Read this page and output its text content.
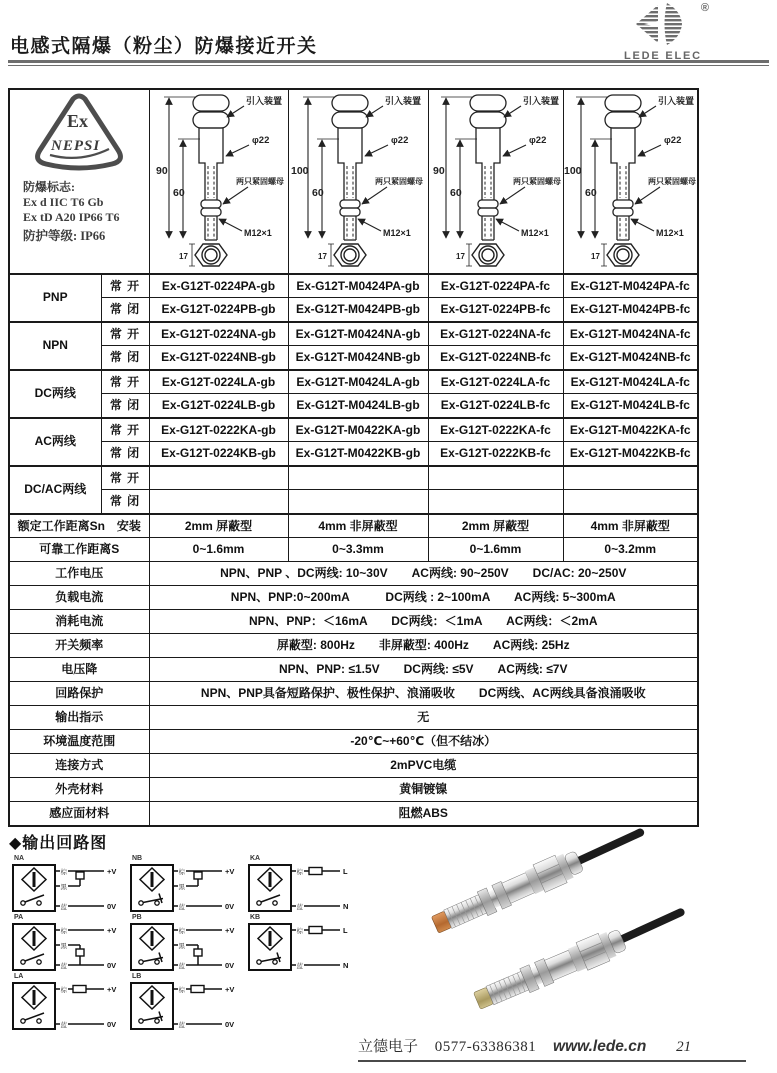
电感式隔爆（粉尘）防爆接近开关
®
LEDE ELEC
Ex
NEPSI
防爆标志:
Ex d IIC T6 Gb
Ex tD A20 IP66 T6
防护等级: IP66

90
60
引入装置
φ22
两只紧固螺母
M12×1
17

100
60
引入装置
φ22
两只紧固螺母
M12×1
17

90
60
引入装置
φ22
两只紧固螺母
M12×1
17

100
60
引入装置
φ22
两只紧固螺母
M12×1
17

PNP	常 开	Ex-G12T-0224PA-gb	Ex-G12T-M0424PA-gb	Ex-G12T-0224PA-fc	Ex-G12T-M0424PA-fc
	常 闭	Ex-G12T-0224PB-gb	Ex-G12T-M0424PB-gb	Ex-G12T-0224PB-fc	Ex-G12T-M0424PB-fc
NPN	常 开	Ex-G12T-0224NA-gb	Ex-G12T-M0424NA-gb	Ex-G12T-0224NA-fc	Ex-G12T-M0424NA-fc
	常 闭	Ex-G12T-0224NB-gb	Ex-G12T-M0424NB-gb	Ex-G12T-0224NB-fc	Ex-G12T-M0424NB-fc
DC两线	常 开	Ex-G12T-0224LA-gb	Ex-G12T-M0424LA-gb	Ex-G12T-0224LA-fc	Ex-G12T-M0424LA-fc
	常 闭	Ex-G12T-0224LB-gb	Ex-G12T-M0424LB-gb	Ex-G12T-0224LB-fc	Ex-G12T-M0424LB-fc
AC两线	常 开	Ex-G12T-0222KA-gb	Ex-G12T-M0422KA-gb	Ex-G12T-0222KA-fc	Ex-G12T-M0422KA-fc
	常 闭	Ex-G12T-0224KB-gb	Ex-G12T-M0422KB-gb	Ex-G12T-0222KB-fc	Ex-G12T-M0422KB-fc
DC/AC两线	常 开				
	常 闭				
额定工作距离Sn　安装		2mm 屏蔽型	4mm 非屏蔽型	2mm 屏蔽型	4mm 非屏蔽型
可靠工作距离S		0~1.6mm	0~3.3mm	0~1.6mm	0~3.2mm
工作电压		NPN、PNP 、DC两线: 10~30V　　AC两线: 90~250V　　DC/AC: 20~250V			
负载电流		NPN、PNP:0~200mA　　　DC两线 : 2~100mA　　AC两线: 5~300mA			
消耗电流		NPN、PNP：＜16mA　　DC两线：＜1mA　　AC两线：＜2mA			
开关频率		屏蔽型: 800Hz　　非屏蔽型: 400Hz　　AC两线: 25Hz			
电压降		NPN、PNP: ≤1.5V　　DC两线: ≤5V　　AC两线: ≤7V			
回路保护		NPN、PNP具备短路保护、极性保护、浪涌吸收　　DC两线、AC两线具备浪涌吸收			
输出指示		无			
环境温度范围		-20℃~+60℃（但不结冰）			
连接方式		2mPVC电缆			
外壳材料		黄铜镀镍			
感应面材料		阻燃ABS			
◆输出回路图
NA
棕
黑
蓝
+V
0V
NB
棕
黑
蓝
+V
0V
KA
棕
蓝
L
N
PA
棕
黑
蓝
+V
0V
PB
棕
黑
蓝
+V
0V
KB
棕
蓝
L
N
LA
棕
蓝
+V
0V
LB
棕
蓝
+V
0V
立德电子 0577-63386381 www.lede.cn 21
